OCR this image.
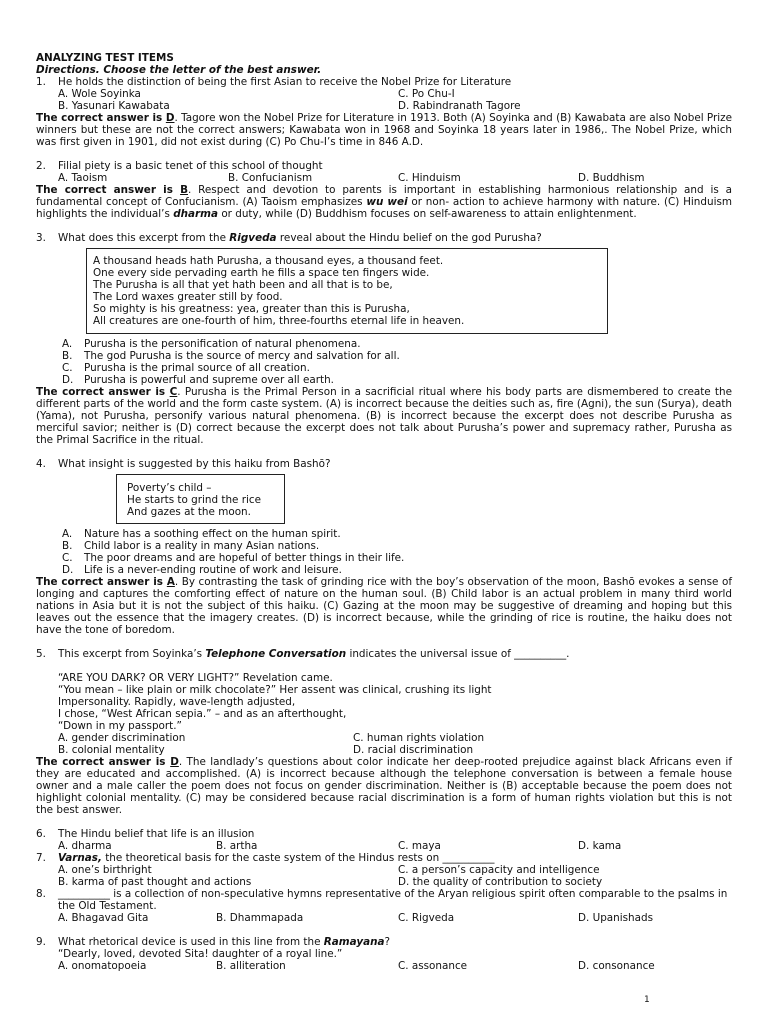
ANALYZING TEST ITEMS
Directions. Choose the letter of the best answer.
1. He holds the distinction of being the first Asian to receive the Nobel Prize for Literature
A. Wole Soyinka	C. Po Chu-I
B. Yasunari Kawabata	D. Rabindranath Tagore
The correct answer is D. Tagore won the Nobel Prize for Literature in 1913. Both (A) Soyinka and (B) Kawabata are also Nobel Prize winners but these are not the correct answers; Kawabata won in 1968 and Soyinka 18 years later in 1986,. The Nobel Prize, which was first given in 1901, did not exist during (C) Po Chu-I’s time in 846 A.D.
2. Filial piety is a basic tenet of this school of thought
A. Taoism	B. Confucianism	C. Hinduism	D. Buddhism
The correct answer is B. Respect and devotion to parents is important in establishing harmonious relationship and is a fundamental concept of Confucianism. (A) Taoism emphasizes wu wei or non- action to achieve harmony with nature. (C) Hinduism highlights the individual’s dharma or duty, while (D) Buddhism focuses on self-awareness to attain enlightenment.
3. What does this excerpt from the Rigveda reveal about the Hindu belief on the god Purusha?
A thousand heads hath Purusha, a thousand eyes, a thousand feet.
One every side pervading earth he fills a space ten fingers wide.
The Purusha is all that yet hath been and all that is to be,
The Lord waxes greater still by food.
So mighty is his greatness: yea, greater than this is Purusha,
All creatures are one-fourth of him, three-fourths eternal life in heaven.
A. Purusha is the personification of natural phenomena.
B. The god Purusha is the source of mercy and salvation for all.
C. Purusha is the primal source of all creation.
D. Purusha is powerful and supreme over all earth.
The correct answer is C. Purusha is the Primal Person in a sacrificial ritual where his body parts are dismembered to create the different parts of the world and the form caste system. (A) is incorrect because the deities such as, fire (Agni), the sun (Surya), death (Yama), not Purusha, personify various natural phenomena. (B) is incorrect because the excerpt does not describe Purusha as merciful savior; neither is (D) correct because the excerpt does not talk about Purusha’s power and supremacy rather, Purusha as the Primal Sacrifice in the ritual.
4. What insight is suggested by this haiku from Bashō?
Poverty’s child –
He starts to grind the rice
And gazes at the moon.
A. Nature has a soothing effect on the human spirit.
B. Child labor is a reality in many Asian nations.
C. The poor dreams and are hopeful of better things in their life.
D. Life is a never-ending routine of work and leisure.
The correct answer is A. By contrasting the task of grinding rice with the boy’s observation of the moon, Bashō evokes a sense of longing and captures the comforting effect of nature on the human soul. (B) Child labor is an actual problem in many third world nations in Asia but it is not the subject of this haiku. (C) Gazing at the moon may be suggestive of dreaming and hoping but this leaves out the essence that the imagery creates. (D) is incorrect because, while the grinding of rice is routine, the haiku does not have the tone of boredom.
5. This excerpt from Soyinka’s Telephone Conversation indicates the universal issue of __________.
“ARE YOU DARK? OR VERY LIGHT?” Revelation came.
“You mean – like plain or milk chocolate?” Her assent was clinical, crushing its light
Impersonality. Rapidly, wave-length adjusted,
I chose, “West African sepia.” – and as an afterthought,
“Down in my passport.”
A. gender discrimination	C. human rights violation
B. colonial mentality	D. racial discrimination
The correct answer is D. The landlady’s questions about color indicate her deep-rooted prejudice against black Africans even if they are educated and accomplished. (A) is incorrect because although the telephone conversation is between a female house owner and a male caller the poem does not focus on gender discrimination. Neither is (B) acceptable because the poem does not highlight colonial mentality. (C) may be considered because racial discrimination is a form of human rights violation but this is not the best answer.
6. The Hindu belief that life is an illusion
A. dharma	B. artha	C. maya	D. kama
7. Varnas, the theoretical basis for the caste system of the Hindus rests on __________
A. one’s birthright	C. a person’s capacity and intelligence
B. karma of past thought and actions	D. the quality of contribution to society
8. __________ is a collection of non-speculative hymns representative of the Aryan religious spirit often comparable to the psalms in the Old Testament.
A. Bhagavad Gita	B. Dhammapada	C. Rigveda	D. Upanishads
9. What rhetorical device is used in this line from the Ramayana?
“Dearly, loved, devoted Sita! daughter of a royal line.”
A. onomatopoeia	B. alliteration	C. assonance	D. consonance
1
